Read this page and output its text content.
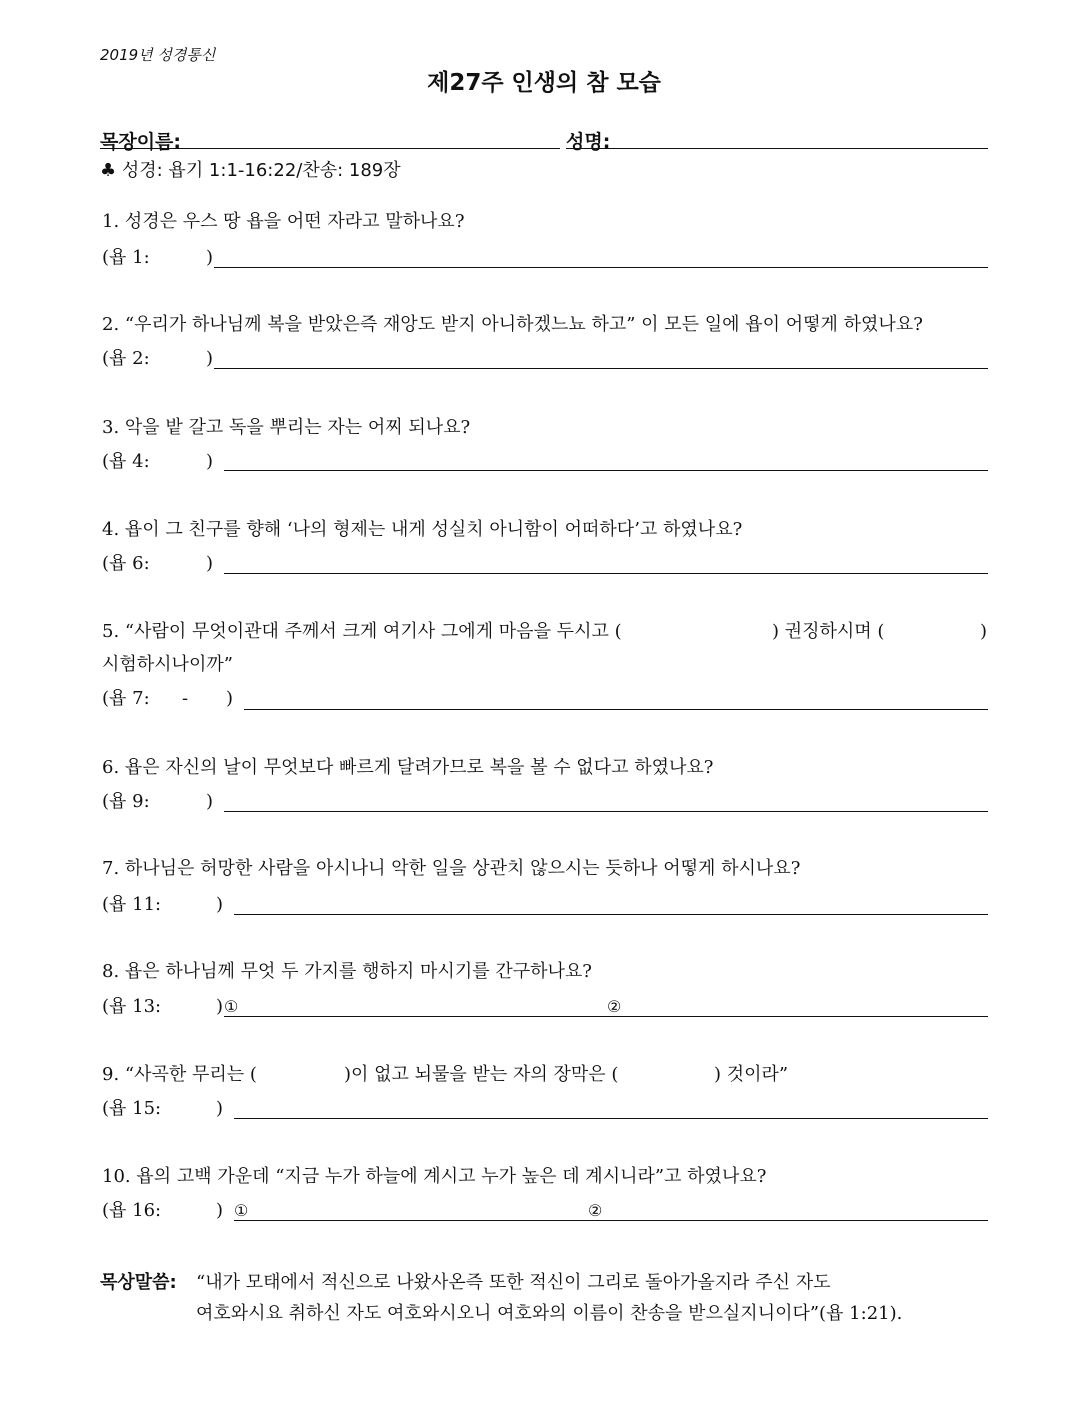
2019년 성경통신
제27주 인생의 참 모습
목장이름:	성명:
♣ 성경: 욥기 1:1-16:22/찬송: 189장
1. 성경은 우스 땅 욥을 어떤 자라고 말하나요?
(욥 1:	)
2. “우리가 하나님께 복을 받았은즉 재앙도 받지 아니하겠느뇨 하고” 이 모든 일에 욥이 어떻게 하였나요?
(욥 2:	)
3. 악을 밭 갈고 독을 뿌리는 자는 어찌 되나요?
(욥 4:	)
4. 욥이 그 친구를 향해 ‘나의 형제는 내게 성실치 아니함이 어떠하다’고 하였나요?
(욥 6:	)
5. “사람이 무엇이관대 주께서 크게 여기사 그에게 마음을 두시고 (	) 권징하시며 (	)
시험하시나이까”
(욥 7: - )
6. 욥은 자신의 날이 무엇보다 빠르게 달려가므로 복을 볼 수 없다고 하였나요?
(욥 9:	)
7. 하나님은 허망한 사람을 아시나니 악한 일을 상관치 않으시는 듯하나 어떻게 하시나요?
(욥 11:	)
8. 욥은 하나님께 무엇 두 가지를 행하지 마시기를 간구하나요?
(욥 13:	) ①	②
9. “사곡한 무리는 (	)이 없고 뇌물을 받는 자의 장막은 (	) 것이라”
(욥 15:	)
10. 욥의 고백 가운데 “지금 누가 하늘에 계시고 누가 높은 데 계시니라”고 하였나요?
(욥 16:	) ①	②
목상말씀: “내가 모태에서 적신으로 나왔사온즉 또한 적신이 그리로 돌아가올지라 주신 자도
여호와시요 취하신 자도 여호와시오니 여호와의 이름이 찬송을 받으실지니이다”(욥 1:21).
